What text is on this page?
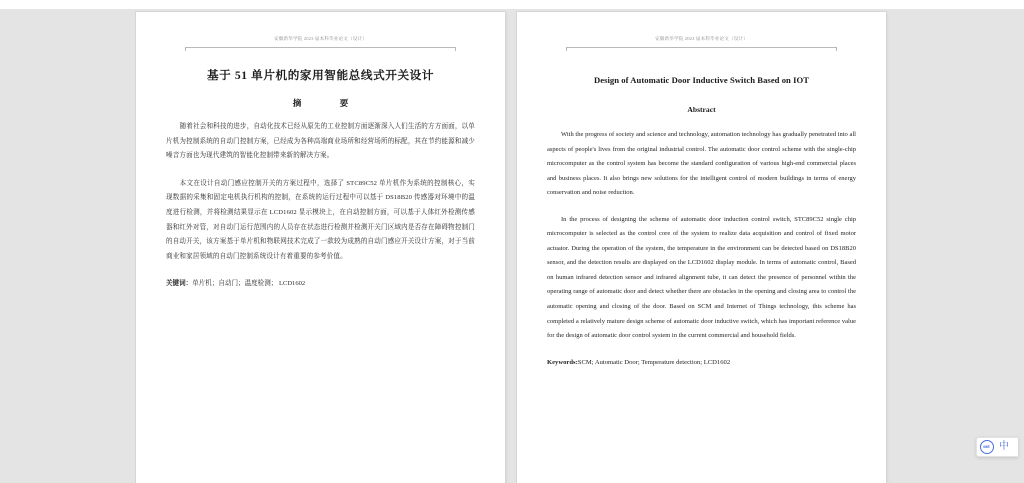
安徽新华学院 2023 届本科毕业论文（设计）
基于 51 单片机的家用智能总线式开关设计
摘　　要

随着社会和科技的进步，自动化技术已经从原先的工业控制方面逐渐深入人们生活的方方面面，以单片机为控制系统的自动门控制方案，已经成为各种高端商业场所和经营场所的标配，其在节约能源和减少噪音方面也为现代建筑的智能化控制带来新的解决方案。

本文在设计自动门感应控制开关的方案过程中，选择了 STC89C52 单片机作为系统的控制核心，实现数据的采集和固定电机执行机构的控制，在系统的运行过程中可以基于 DS18B20 传感器对环境中的温度进行检测，并将检测结果显示在 LCD1602 显示模块上，在自动控制方面，可以基于人体红外检测传感器和红外对管，对自动门运行范围内的人员存在状态进行检测并检测开关门区域内是否存在障碍物控制门的自动开关，该方案基于单片机和物联网技术完成了一款较为成熟的自动门感应开关设计方案，对于当前商业和家居领域的自动门控制系统设计有着重要的参考价值。

关键词：单片机；自动门；温度检测； LCD1602
安徽新华学院 2023 届本科毕业论文（设计）
Design of Automatic Door Inductive Switch Based on IOT
Abstract

With the progress of society and science and technology, automation technology has gradually penetrated into all aspects of people's lives from the original industrial control. The automatic door control scheme with the single-chip microcomputer as the control system has become the standard configuration of various high-end commercial places and business places. It also brings new solutions for the intelligent control of modern buildings in terms of energy conservation and noise reduction.

In the process of designing the scheme of automatic door induction control switch, STC89C52 single chip microcomputer is selected as the control core of the system to realize data acquisition and control of fixed motor actuator. During the operation of the system, the temperature in the environment can be detected based on DS18B20 sensor, and the detection results are displayed on the LCD1602 display module. In terms of automatic control, Based on human infrared detection sensor and infrared alignment tube, it can detect the presence of personnel within the operating range of automatic door and detect whether there are obstacles in the opening and closing area to control the automatic opening and closing of the door. Based on SCM and Internet of Things technology, this scheme has completed a relatively mature design scheme of automatic door inductive switch, which has important reference value for the design of automatic door control system in the current commercial and household fields.

Keywords:SCM; Automatic Door; Temperature detection; LCD1602
IME 中
